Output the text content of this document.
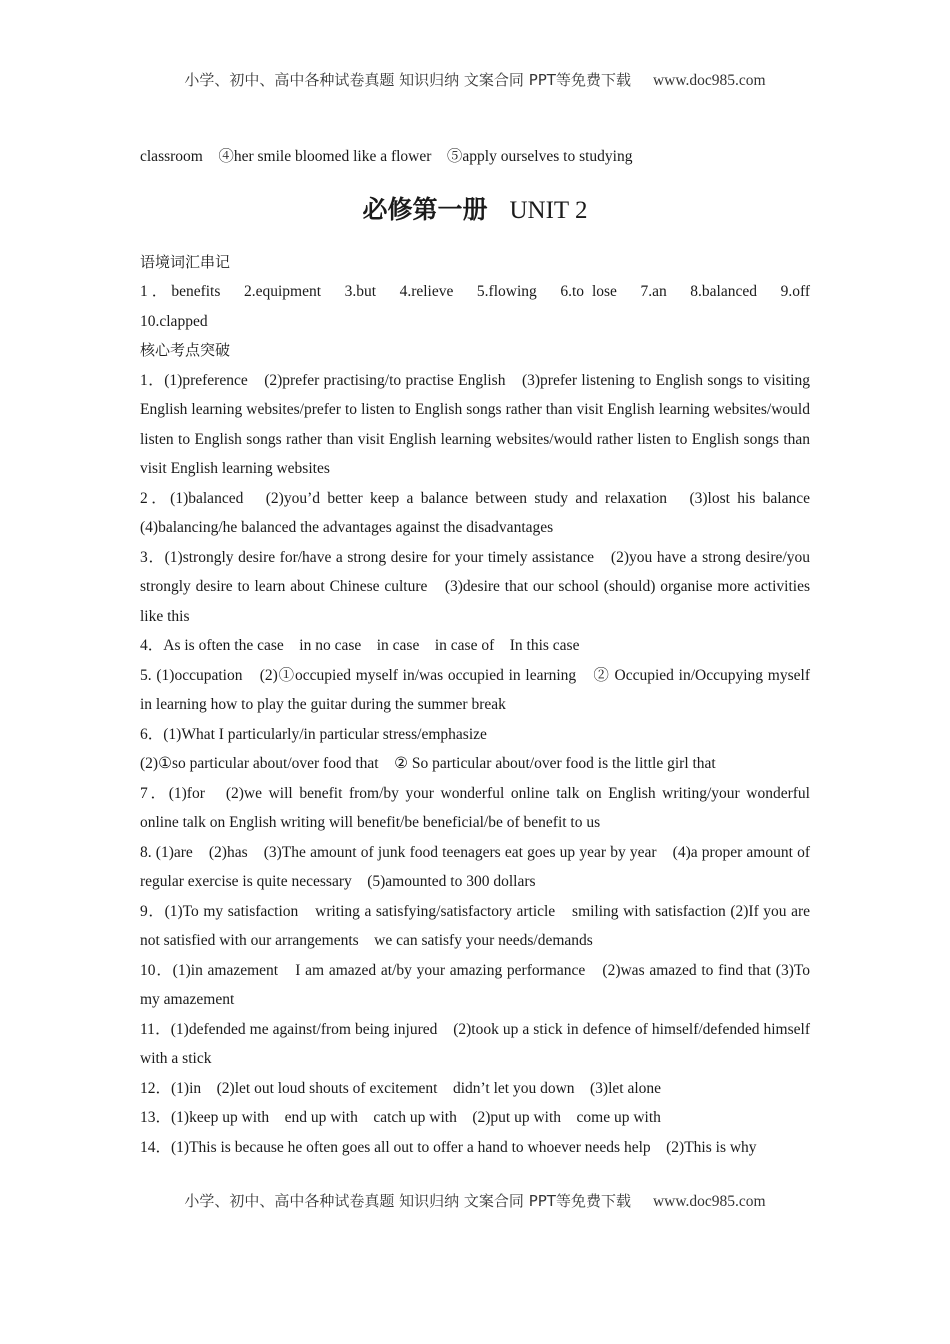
小学、初中、高中各种试卷真题 知识归纳 文案合同 PPT等免费下载 www.doc985.com

classroom　④her smile bloomed like a flower　⑤apply ourselves to studying

必修第一册 UNIT 2

语境词汇串记

1．benefits　2.equipment　3.but　4.relieve　5.flowing　6.to lose　7.an　8.balanced　9.off　10.clapped

核心考点突破

1．(1)preference　(2)prefer practising/to practise English　(3)prefer listening to English songs to visiting English learning websites/prefer to listen to English songs rather than visit English learning websites/would listen to English songs rather than visit English learning websites/would rather listen to English songs than visit English learning websites

2．(1)balanced　(2)you’d better keep a balance between study and relaxation　(3)lost his balance　(4)balancing/he balanced the advantages against the disadvantages

3．(1)strongly desire for/have a strong desire for your timely assistance　(2)you have a strong desire/you strongly desire to learn about Chinese culture　(3)desire that our school (should) organise more activities like this

4．As is often the case　in no case　in case　in case of　In this case

5. (1)occupation　(2)①occupied myself in/was occupied in learning　② Occupied in/Occupying myself in learning how to play the guitar during the summer break

6．(1)What I particularly/in particular stress/emphasize

(2)①so particular about/over food that　② So particular about/over food is the little girl that

7．(1)for　(2)we will benefit from/by your wonderful online talk on English writing/your wonderful online talk on English writing will benefit/be beneficial/be of benefit to us

8. (1)are　(2)has　(3)The amount of junk food teenagers eat goes up year by year　(4)a proper amount of regular exercise is quite necessary　(5)amounted to 300 dollars

9．(1)To my satisfaction　writing a satisfying/satisfactory article　smiling with satisfaction (2)If you are not satisfied with our arrangements　we can satisfy your needs/demands

10．(1)in amazement　I am amazed at/by your amazing performance　(2)was amazed to find that (3)To my amazement

11．(1)defended me against/from being injured　(2)took up a stick in defence of himself/defended himself with a stick

12．(1)in　(2)let out loud shouts of excitement　didn’t let you down　(3)let alone

13．(1)keep up with　end up with　catch up with　(2)put up with　come up with

14．(1)This is because he often goes all out to offer a hand to whoever needs help　(2)This is why

小学、初中、高中各种试卷真题 知识归纳 文案合同 PPT等免费下载 www.doc985.com
